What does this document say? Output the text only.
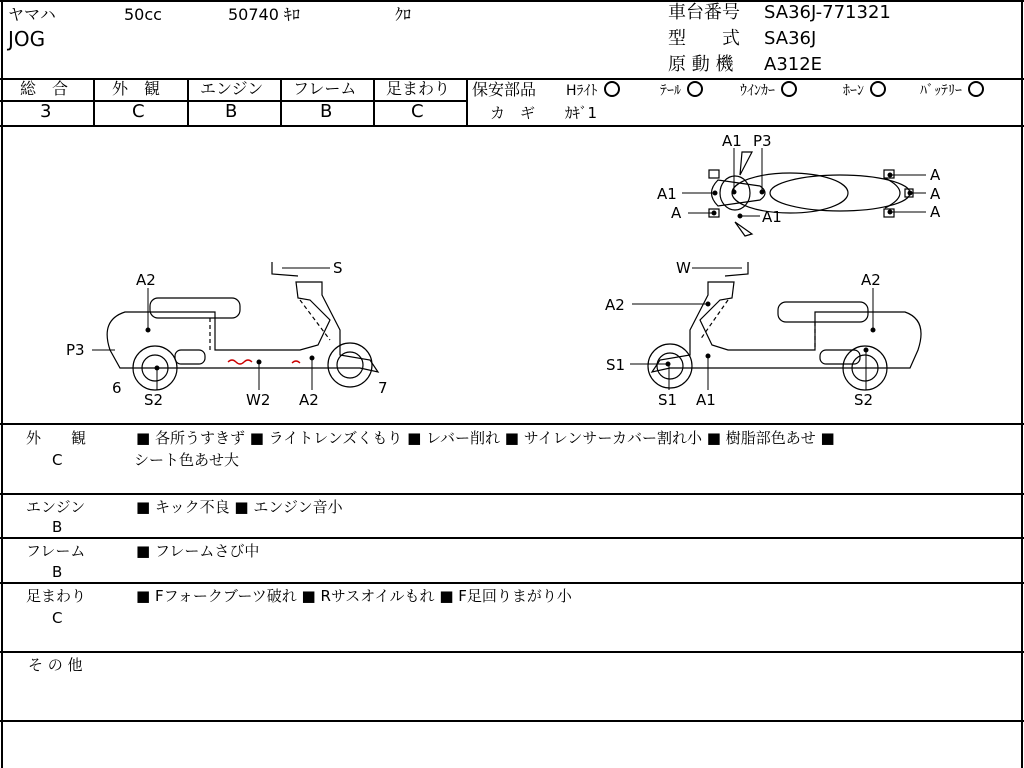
ヤマハ	50cc	50740 ｷﾛ	ｸﾛ
JOG
車台番号 SA36J-771321
型　　式 SA36J
原 動 機 A312E
総　合
3
外　観
C
エンジン
B
フレーム
B
足まわり
C
保安部品 Hﾗｲﾄ	ﾃｰﾙ	ｳｲﾝｶｰ	ﾎｰﾝ	ﾊﾞｯﾃﾘｰ
カ　ギ ｶｷﾞ1
A1 P3
A1
A	A1
A
A
A
S
A2
P3
6
S2	W2 A2
7
W
A2
A2
S1
S1 A1	S2
外　　観
C
■ 各所うすきず ■ ライトレンズくもり ■ レバー削れ ■ サイレンサーカバー割れ小 ■ 樹脂部色あせ ■
シート色あせ大
エンジン
B
■ キック不良 ■ エンジン音小
フレーム
B
■ フレームさび中
足まわり
C
■ Fフォークブーツ破れ ■ Rサスオイルもれ ■ F足回りまがり小
そ の 他
